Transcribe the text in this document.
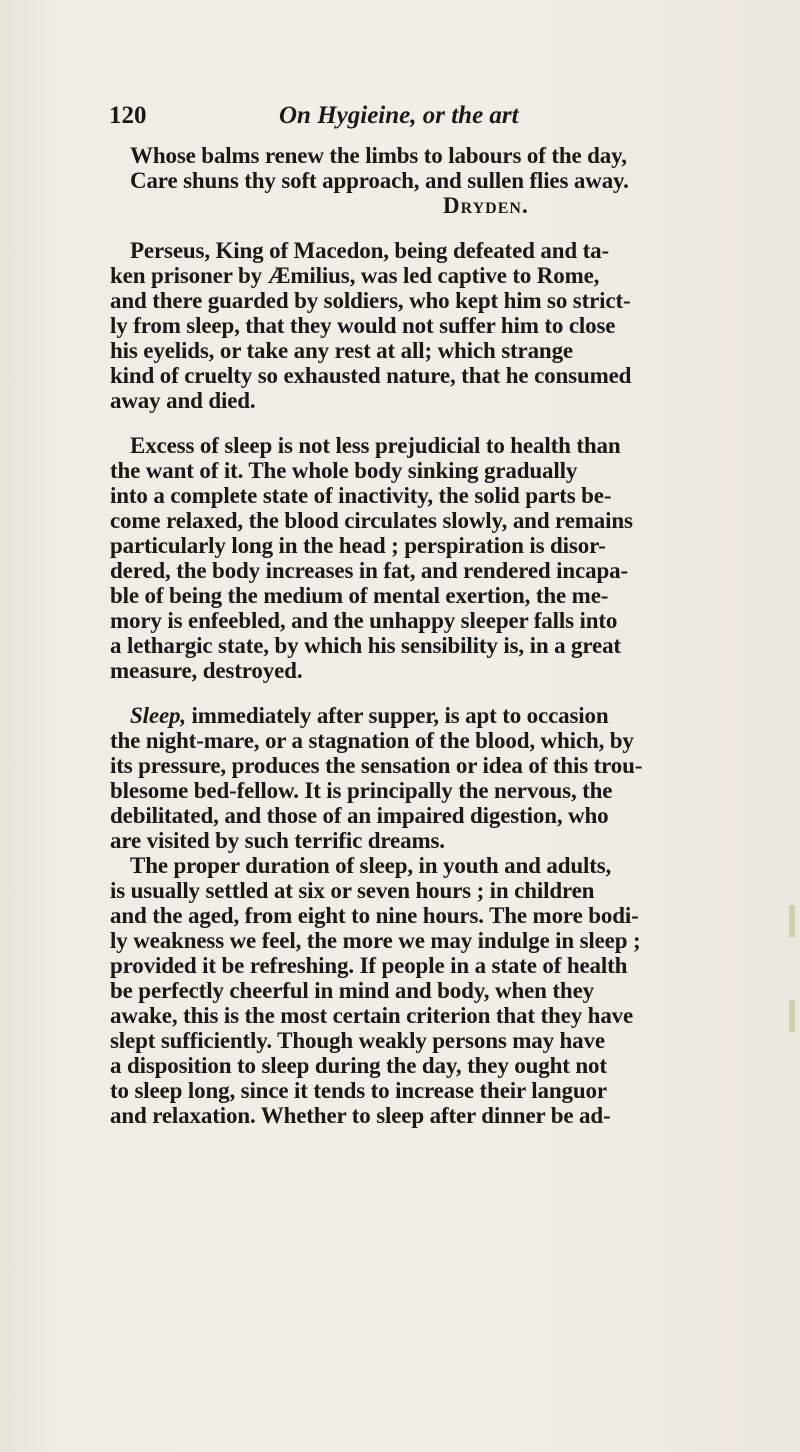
120	On Hygieine, or the art
Whose balms renew the limbs to labours of the day,
Care shuns thy soft approach, and sullen flies away.
Dryden.
Perseus, King of Macedon, being defeated and ta-
ken prisoner by Æmilius, was led captive to Rome,
and there guarded by soldiers, who kept him so strict-
ly from sleep, that they would not suffer him to close
his eyelids, or take any rest at all; which strange
kind of cruelty so exhausted nature, that he consumed
away and died.
Excess of sleep is not less prejudicial to health than
the want of it. The whole body sinking gradually
into a complete state of inactivity, the solid parts be-
come relaxed, the blood circulates slowly, and remains
particularly long in the head ; perspiration is disor-
dered, the body increases in fat, and rendered incapa-
ble of being the medium of mental exertion, the me-
mory is enfeebled, and the unhappy sleeper falls into
a lethargic state, by which his sensibility is, in a great
measure, destroyed.
Sleep, immediately after supper, is apt to occasion
the night-mare, or a stagnation of the blood, which, by
its pressure, produces the sensation or idea of this trou-
blesome bed-fellow. It is principally the nervous, the
debilitated, and those of an impaired digestion, who
are visited by such terrific dreams.
The proper duration of sleep, in youth and adults,
is usually settled at six or seven hours ; in children
and the aged, from eight to nine hours. The more bodi-
ly weakness we feel, the more we may indulge in sleep ;
provided it be refreshing. If people in a state of health
be perfectly cheerful in mind and body, when they
awake, this is the most certain criterion that they have
slept sufficiently. Though weakly persons may have
a disposition to sleep during the day, they ought not
to sleep long, since it tends to increase their languor
and relaxation. Whether to sleep after dinner be ad-
